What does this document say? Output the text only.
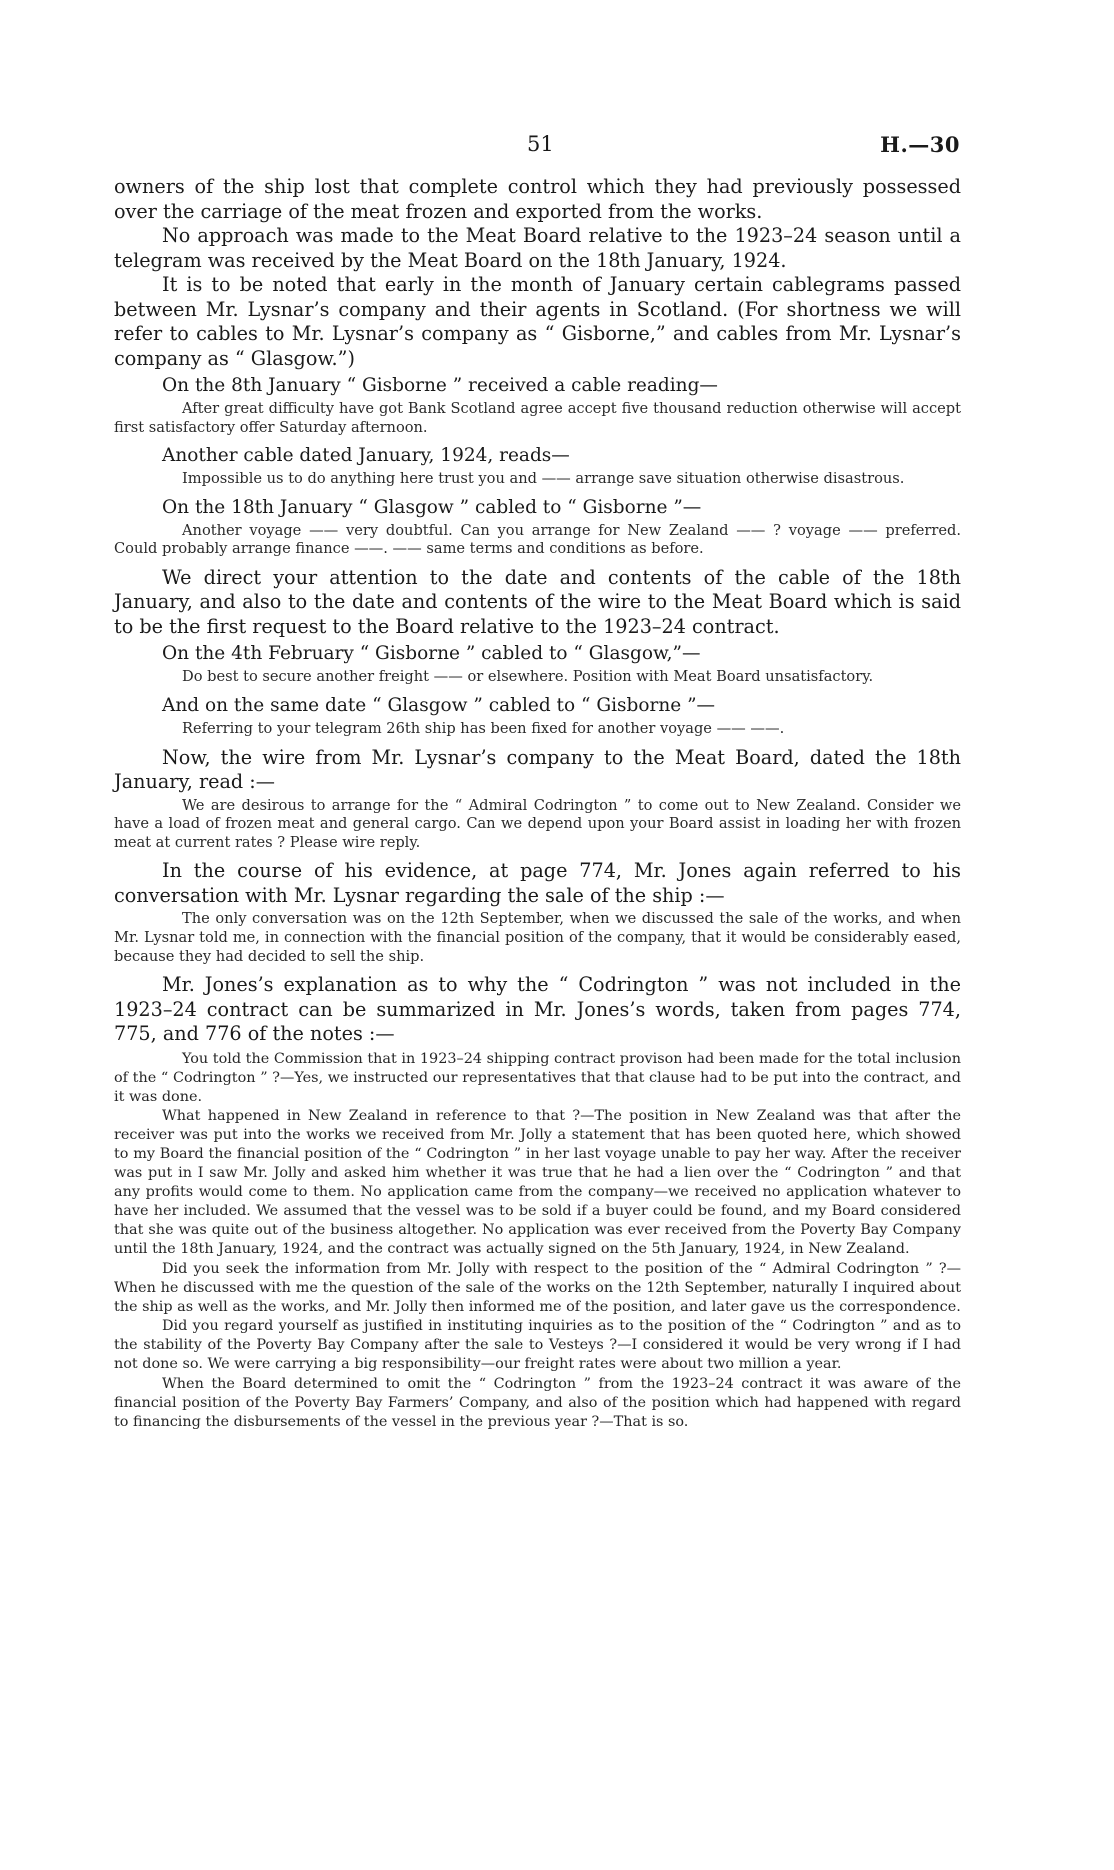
51	H.—30

owners of the ship lost that complete control which they had previously possessed over the carriage of the meat frozen and exported from the works.

No approach was made to the Meat Board relative to the 1923–24 season until a telegram was received by the Meat Board on the 18th January, 1924.

It is to be noted that early in the month of January certain cablegrams passed between Mr. Lysnar’s company and their agents in Scotland. (For shortness we will refer to cables to Mr. Lysnar’s company as “ Gisborne,” and cables from Mr. Lysnar’s company as “ Glasgow.”)

On the 8th January “ Gisborne ” received a cable reading—

After great difficulty have got Bank Scotland agree accept five thousand reduction otherwise will accept first satisfactory offer Saturday afternoon.

Another cable dated January, 1924, reads—

Impossible us to do anything here trust you and —— arrange save situation otherwise disastrous.

On the 18th January “ Glasgow ” cabled to “ Gisborne ”—

Another voyage —— very doubtful. Can you arrange for New Zealand —— ? voyage —— preferred. Could probably arrange finance ——. —— same terms and conditions as before.

We direct your attention to the date and contents of the cable of the 18th January, and also to the date and contents of the wire to the Meat Board which is said to be the first request to the Board relative to the 1923–24 contract.

On the 4th February “ Gisborne ” cabled to “ Glasgow,”—

Do best to secure another freight —— or elsewhere. Position with Meat Board unsatisfactory.

And on the same date “ Glasgow ” cabled to “ Gisborne ”—

Referring to your telegram 26th ship has been fixed for another voyage —— ——.

Now, the wire from Mr. Lysnar’s company to the Meat Board, dated the 18th January, read :—

We are desirous to arrange for the “ Admiral Codrington ” to come out to New Zealand. Consider we have a load of frozen meat and general cargo. Can we depend upon your Board assist in loading her with frozen meat at current rates ? Please wire reply.

In the course of his evidence, at page 774, Mr. Jones again referred to his conversation with Mr. Lysnar regarding the sale of the ship :—

The only conversation was on the 12th September, when we discussed the sale of the works, and when Mr. Lysnar told me, in connection with the financial position of the company, that it would be considerably eased, because they had decided to sell the ship.

Mr. Jones’s explanation as to why the “ Codrington ” was not included in the 1923–24 contract can be summarized in Mr. Jones’s words, taken from pages 774, 775, and 776 of the notes :—

You told the Commission that in 1923–24 shipping contract provison had been made for the total inclusion of the “ Codrington ” ?—Yes, we instructed our representatives that that clause had to be put into the contract, and it was done.

What happened in New Zealand in reference to that ?—The position in New Zealand was that after the receiver was put into the works we received from Mr. Jolly a statement that has been quoted here, which showed to my Board the financial position of the “ Codrington ” in her last voyage unable to pay her way. After the receiver was put in I saw Mr. Jolly and asked him whether it was true that he had a lien over the “ Codrington ” and that any profits would come to them. No application came from the company—we received no application whatever to have her included. We assumed that the vessel was to be sold if a buyer could be found, and my Board considered that she was quite out of the business altogether. No application was ever received from the Poverty Bay Company until the 18th January, 1924, and the contract was actually signed on the 5th January, 1924, in New Zealand.

Did you seek the information from Mr. Jolly with respect to the position of the “ Admiral Codrington ” ?—When he discussed with me the question of the sale of the works on the 12th September, naturally I inquired about the ship as well as the works, and Mr. Jolly then informed me of the position, and later gave us the correspondence.

Did you regard yourself as justified in instituting inquiries as to the position of the “ Codrington ” and as to the stability of the Poverty Bay Company after the sale to Vesteys ?—I considered it would be very wrong if I had not done so. We were carrying a big responsibility—our freight rates were about two million a year.

When the Board determined to omit the “ Codrington ” from the 1923–24 contract it was aware of the financial position of the Poverty Bay Farmers’ Company, and also of the position which had happened with regard to financing the disbursements of the vessel in the previous year ?—That is so.
